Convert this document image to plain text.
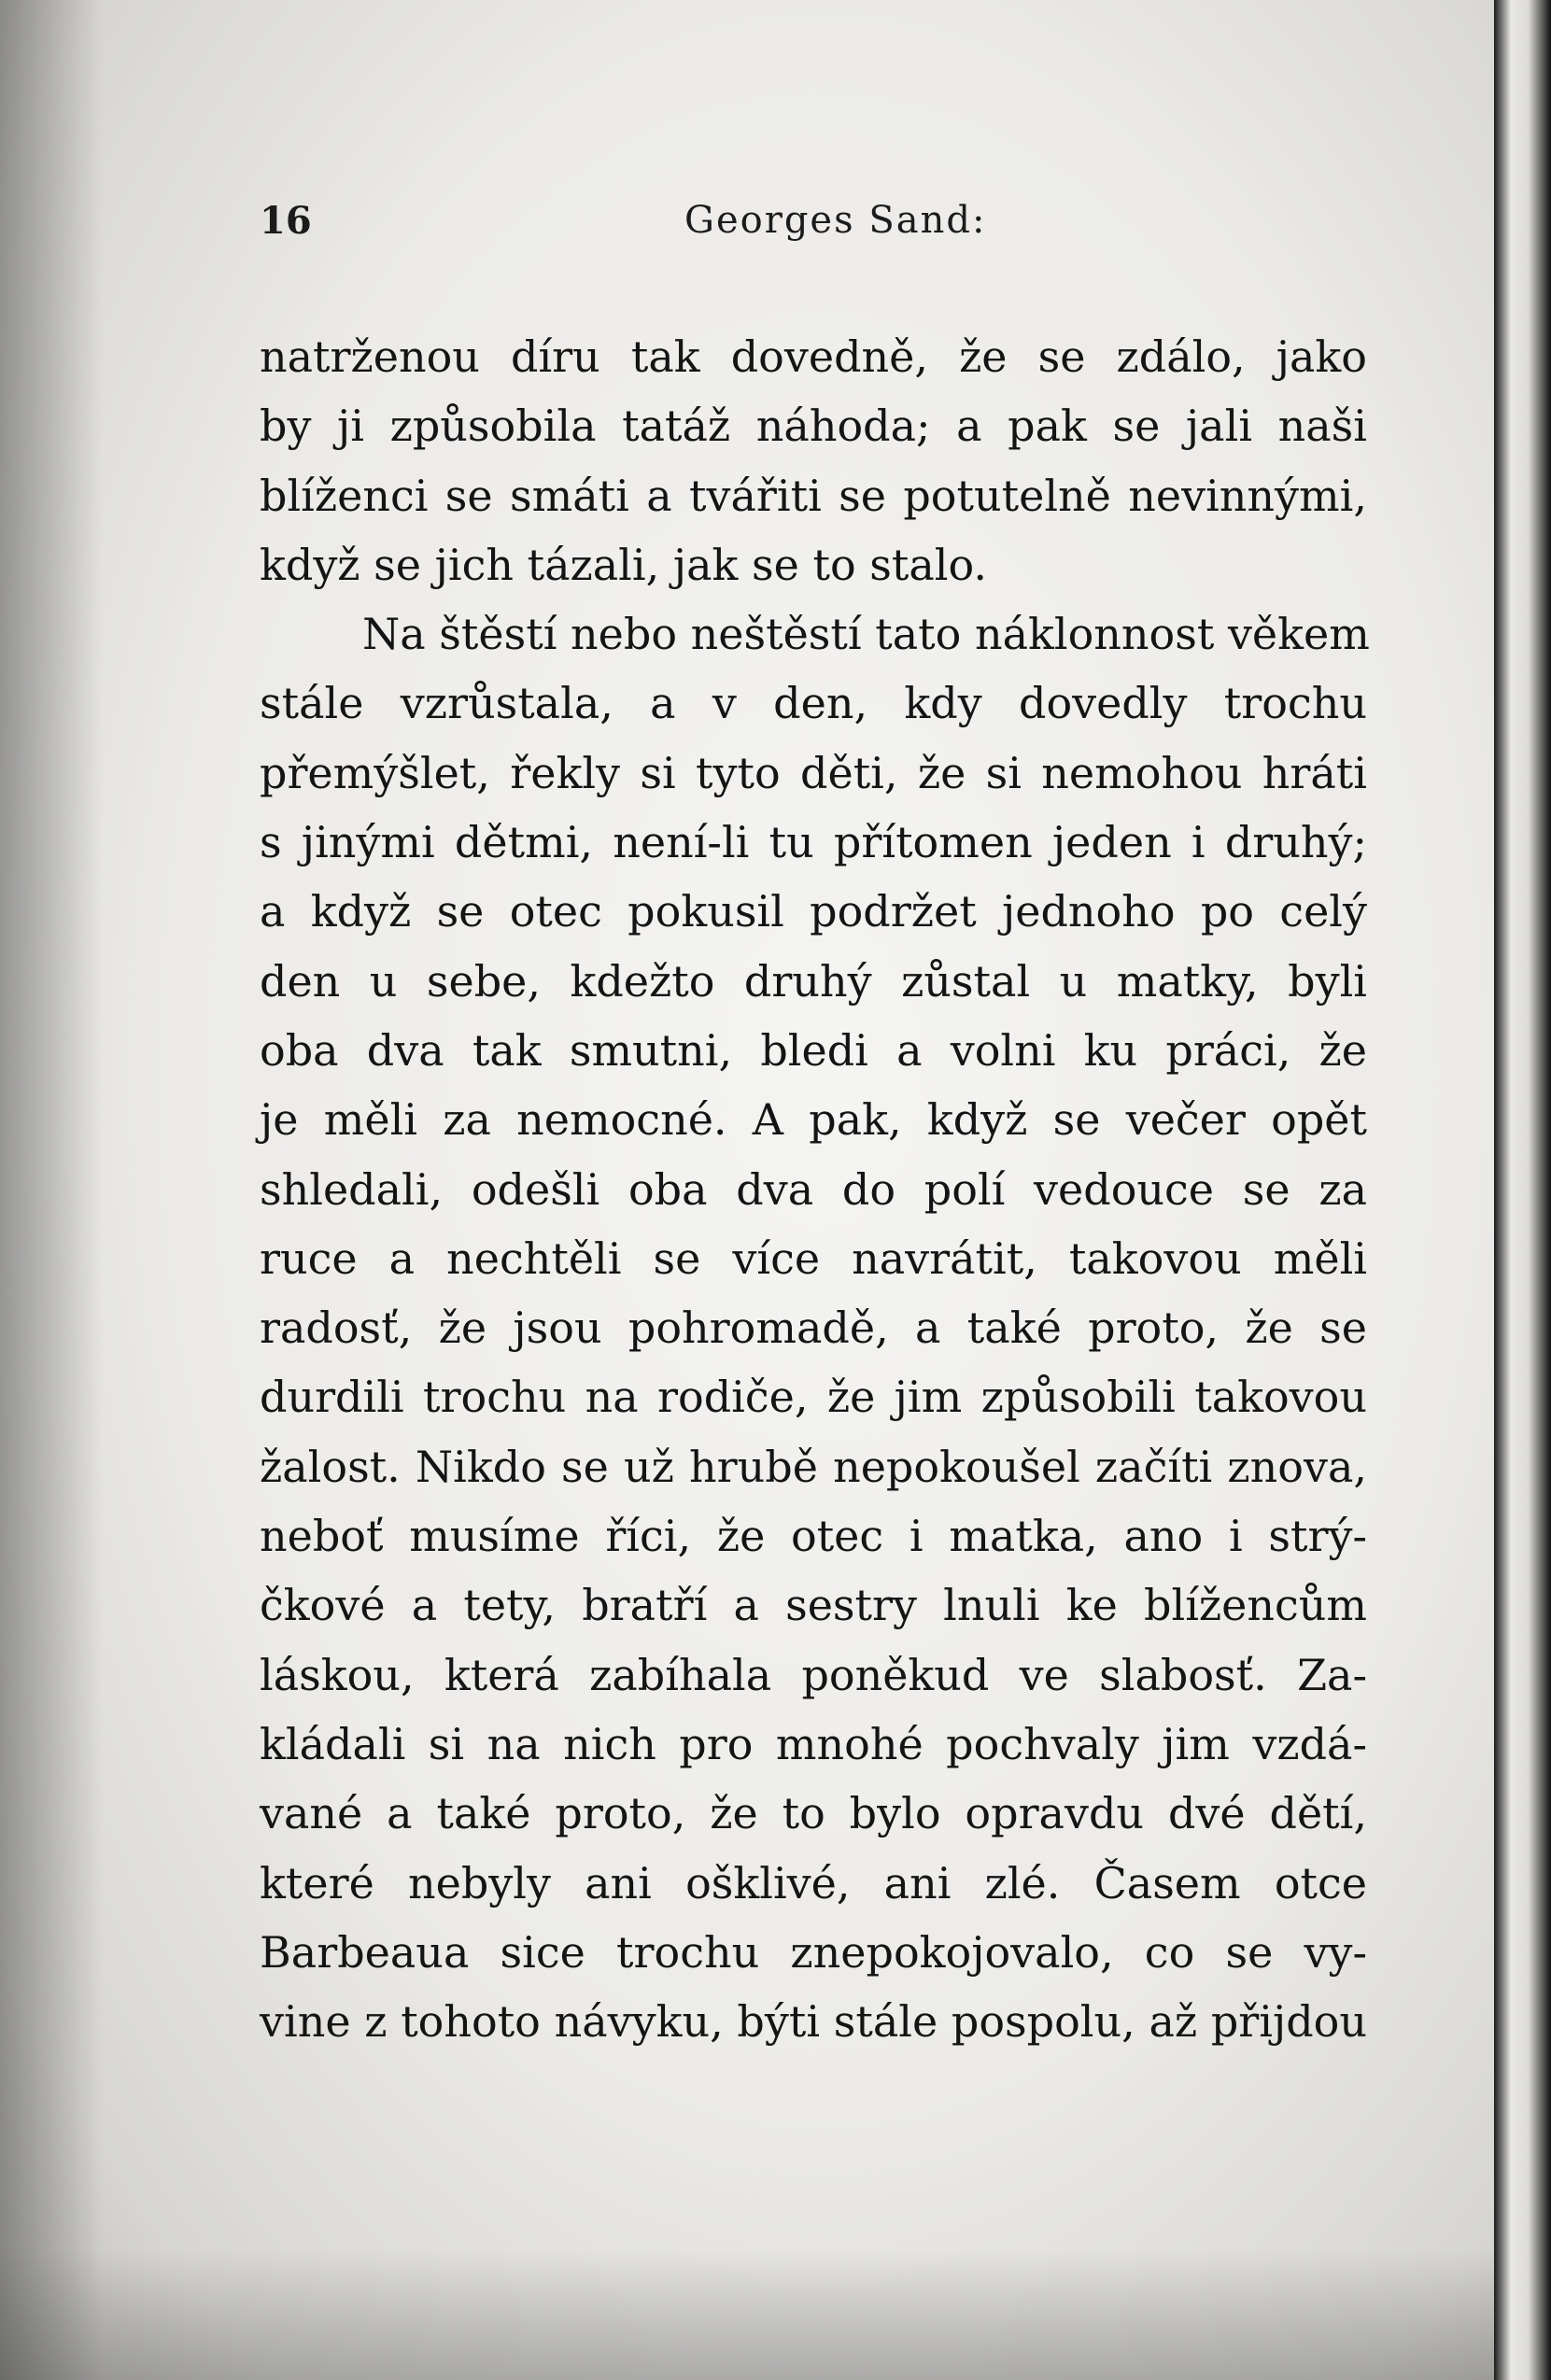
16	Georges Sand:
natrženou díru tak dovedně, že se zdálo, jako
by ji způsobila tatáž náhoda; a pak se jali naši
blíženci se smáti a tvářiti se potutelně nevinnými,
když se jich tázali, jak se to stalo.
Na štěstí nebo neštěstí tato náklonnost věkem
stále vzrůstala, a v den, kdy dovedly trochu
přemýšlet, řekly si tyto děti, že si nemohou hráti
s jinými dětmi, není-li tu přítomen jeden i druhý;
a když se otec pokusil podržet jednoho po celý
den u sebe, kdežto druhý zůstal u matky, byli
oba dva tak smutni, bledi a volni ku práci, že
je měli za nemocné. A pak, když se večer opět
shledali, odešli oba dva do polí vedouce se za
ruce a nechtěli se více navrátit, takovou měli
radosť, že jsou pohromadě, a také proto, že se
durdili trochu na rodiče, že jim způsobili takovou
žalost. Nikdo se už hrubě nepokoušel začíti znova,
neboť musíme říci, že otec i matka, ano i strý-
čkové a tety, bratří a sestry lnuli ke blížencům
láskou, která zabíhala poněkud ve slabosť. Za-
kládali si na nich pro mnohé pochvaly jim vzdá-
vané a také proto, že to bylo opravdu dvé dětí,
které nebyly ani ošklivé, ani zlé. Časem otce
Barbeaua sice trochu znepokojovalo, co se vy-
vine z tohoto návyku, býti stále pospolu, až přijdou
